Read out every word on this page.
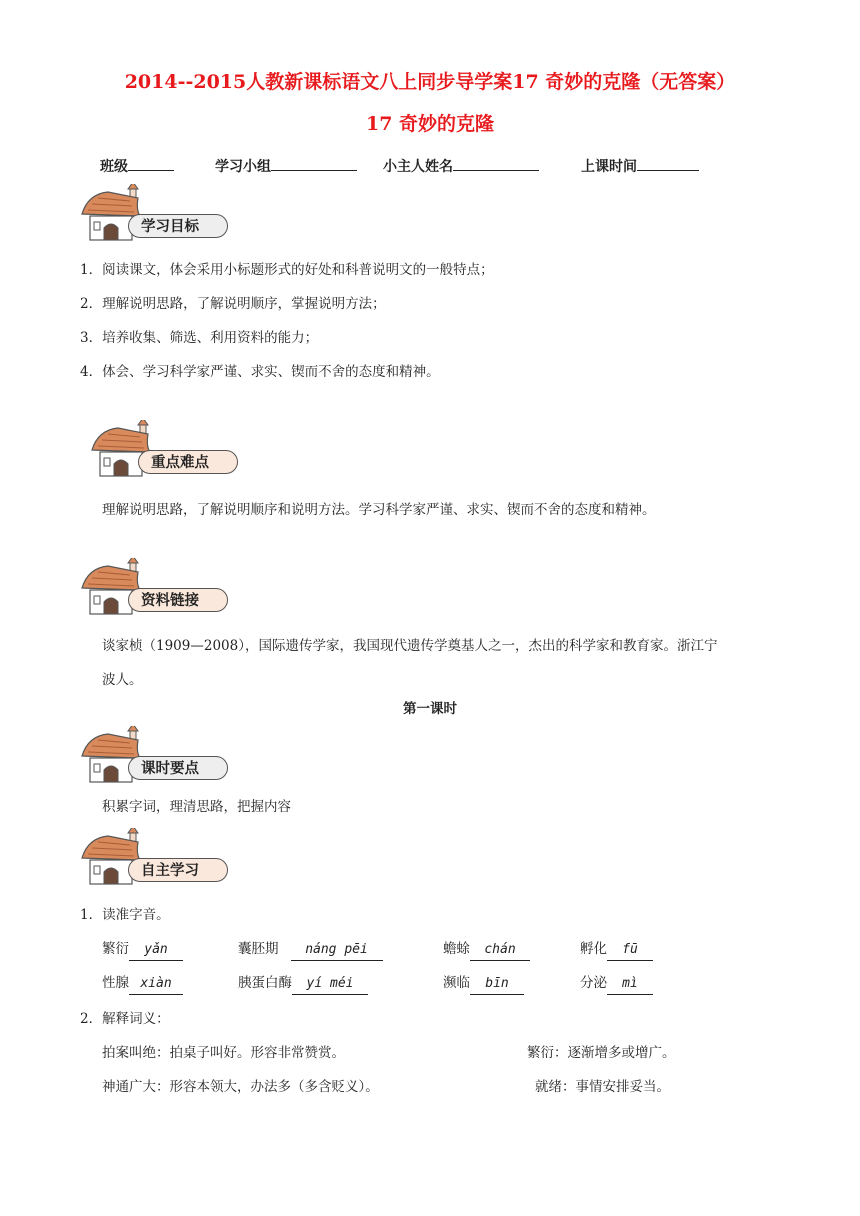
2014--2015人教新课标语文八上同步导学案17 奇妙的克隆（无答案）
17 奇妙的克隆
班级	学习小组	小主人姓名	上课时间
学习目标
1．阅读课文，体会采用小标题形式的好处和科普说明文的一般特点；
2．理解说明思路，了解说明顺序，掌握说明方法；
3．培养收集、筛选、利用资料的能力；
4．体会、学习科学家严谨、求实、锲而不舍的态度和精神。
重点难点
理解说明思路，了解说明顺序和说明方法。学习科学家严谨、求实、锲而不舍的态度和精神。
资料链接
谈家桢（1909—2008），国际遗传学家，我国现代遗传学奠基人之一，杰出的科学家和教育家。浙江宁
波人。
第一课时
课时要点
积累字词，理清思路，把握内容
自主学习
1．读准字音。
繁衍 yǎn	囊胚期 náng pēi	蟾蜍 chán	孵化 fū
性腺 xiàn	胰蛋白酶 yí méi	濒临 bīn	分泌 mì
2．解释词义：
拍案叫绝：拍桌子叫好。形容非常赞赏。	繁衍：逐渐增多或增广。
神通广大：形容本领大，办法多（多含贬义）。	就绪：事情安排妥当。
